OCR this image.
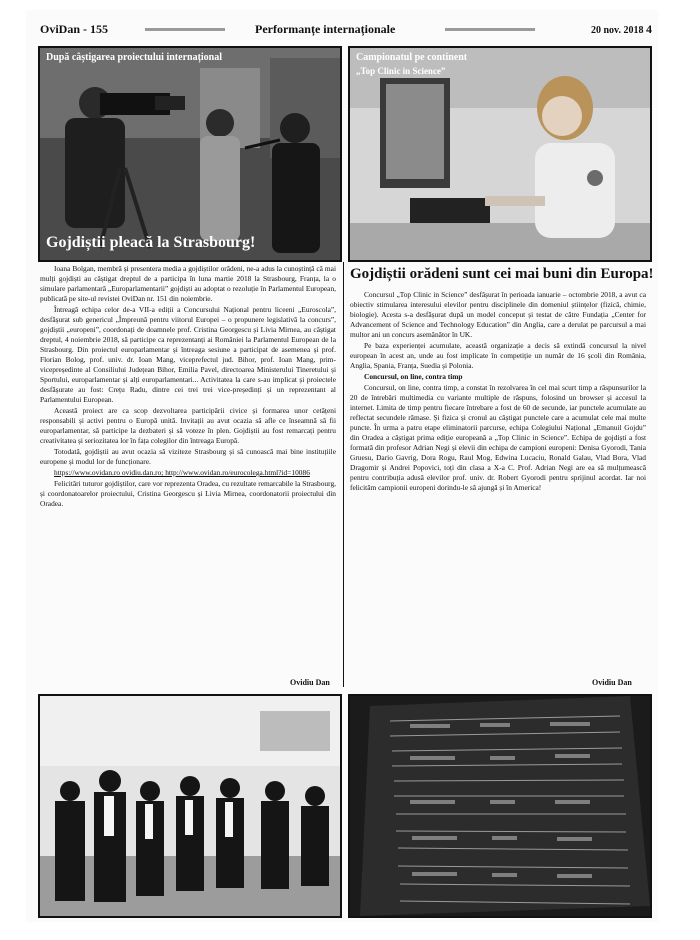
OviDan - 155	Performanțe internaționale	20 nov. 2018 4
După câștigarea proiectului internațional
Gojdiștii pleacă la Strasbourg!
Campionatul pe continent
„Top Clinic in Science”
Gojdiștii orădeni sunt cei mai buni din Europa!

Ioana Bolgan, membră și presentera media a gojdiștilor orădeni, ne-a adus la cunoștință că mai mulți gojdiști au câștigat dreptul de a participa în luna martie 2018 la Strasbourg, Franța, la o simulare parlamentară „Europarlamentarii” gojdiști au adoptat o rezoluție în Parlamentul European, publicată pe site-ul revistei OviDan nr. 151 din noiembrie.

Întreagă echipa celor de-a VII-a ediții a Concursului Național pentru liceeni „Euroscola”, desfășurat sub genericul „Împreună pentru viitorul Europei – o propunere legislativă la concurs”, gojdiștii „europeni”, coordonați de doamnele prof. Cristina Georgescu și Livia Mirnea, au câștigat dreptul, 4 noiembrie 2018, să participe ca reprezentanți ai României la Parlamentul European de la Strasbourg. Din proiectul europarlamentar și întreaga sesiune a participat de asemenea și prof. Florian Bolog, prof. univ. dr. Ioan Mang, viceprefectul jud. Bihor, prof. Ioan Mang, prim-vicepreședinte al Consiliului Județean Bihor, Emilia Pavel, directoarea Ministerului Tineretului și Sportului, europarlamentar și alți europarlamentari... Activitatea la care s-au implicat și proiectele desfășurate au fost: Crețu Radu, dintre cei trei trei vice-președinți și un reprezentant al Parlamentului European.

Această proiect are ca scop dezvoltarea participării civice și formarea unor cetățeni responsabili și activi pentru o Europă unită. Invitații au avut ocazia să afle ce înseamnă să fii europarlamentar, să participe la dezbateri și să voteze în plen. Gojdiștii au fost remarcați pentru creativitatea și seriozitatea lor în fața colegilor din întreaga Europă.

Totodată, gojdiștii au avut ocazia să viziteze Strasbourg și să cunoască mai bine instituțiile europene și modul lor de funcționare.

https://www.ovidan.ro ovidiu.dan.ro; http://www.ovidan.ro/eurocolega.html?id=10086

Felicitări tuturor gojdiștilor, care vor reprezenta Oradea, cu rezultate remarcabile la Strasbourg, și coordonatoarelor proiectului, Cristina Georgescu și Livia Mirnea, coordonatorii proiectului din Oradea.

Ovidiu Dan

Concursul „Top Clinic in Science” desfășurat în perioada ianuarie – octombrie 2018, a avut ca obiectiv stimularea interesului elevilor pentru disciplinele din domeniul științelor (fizică, chimie, biologie). Acesta s-a desfășurat după un model conceput și testat de către Fundația „Center for Advancement of Science and Technology Education” din Anglia, care a derulat pe parcursul a mai multor ani un concurs asemănător în UK.

Pe baza experienței acumulate, această organizație a decis să extindă concursul la nivel european în acest an, unde au fost implicate în competiție un număr de 16 școli din România, Anglia, Spania, Franța, Suedia și Polonia.

Concursul, on line, contra timp

Concursul, on line, contra timp, a constat în rezolvarea în cel mai scurt timp a răspunsurilor la 20 de întrebări multimedia cu variante multiple de răspuns, folosind un browser și accesul la internet. Limita de timp pentru fiecare întrebare a fost de 60 de secunde, iar punctele acumulate au reflectat secundele rămase. Și fizica și cronul au câștigat punctele care a acumulat cele mai multe puncte. În urma a patru etape eliminatorii parcurse, echipa Colegiului Național „Emanuil Gojdu” din Oradea a câștigat prima ediție europeană a „Top Clinic in Science”. Echipa de gojdiști a fost formată din profesor Adrian Negi și elevii din echipa de campioni europeni: Denisa Gyorodi, Tania Gruesu, Dario Gavrig, Dora Rogu, Raul Mog, Edwina Lucaciu, Ronald Galau, Vlad Bora, Vlad Dragomir și Andrei Popovici, toți din clasa a X-a C. Prof. Adrian Negi are ea să mulțumească pentru contribuția adusă elevilor prof. univ. dr. Robert Gyorodi pentru sprijinul acordat. Iar noi felicităm campionii europeni dorindu-le să ajungă și în America!

Ovidiu Dan
